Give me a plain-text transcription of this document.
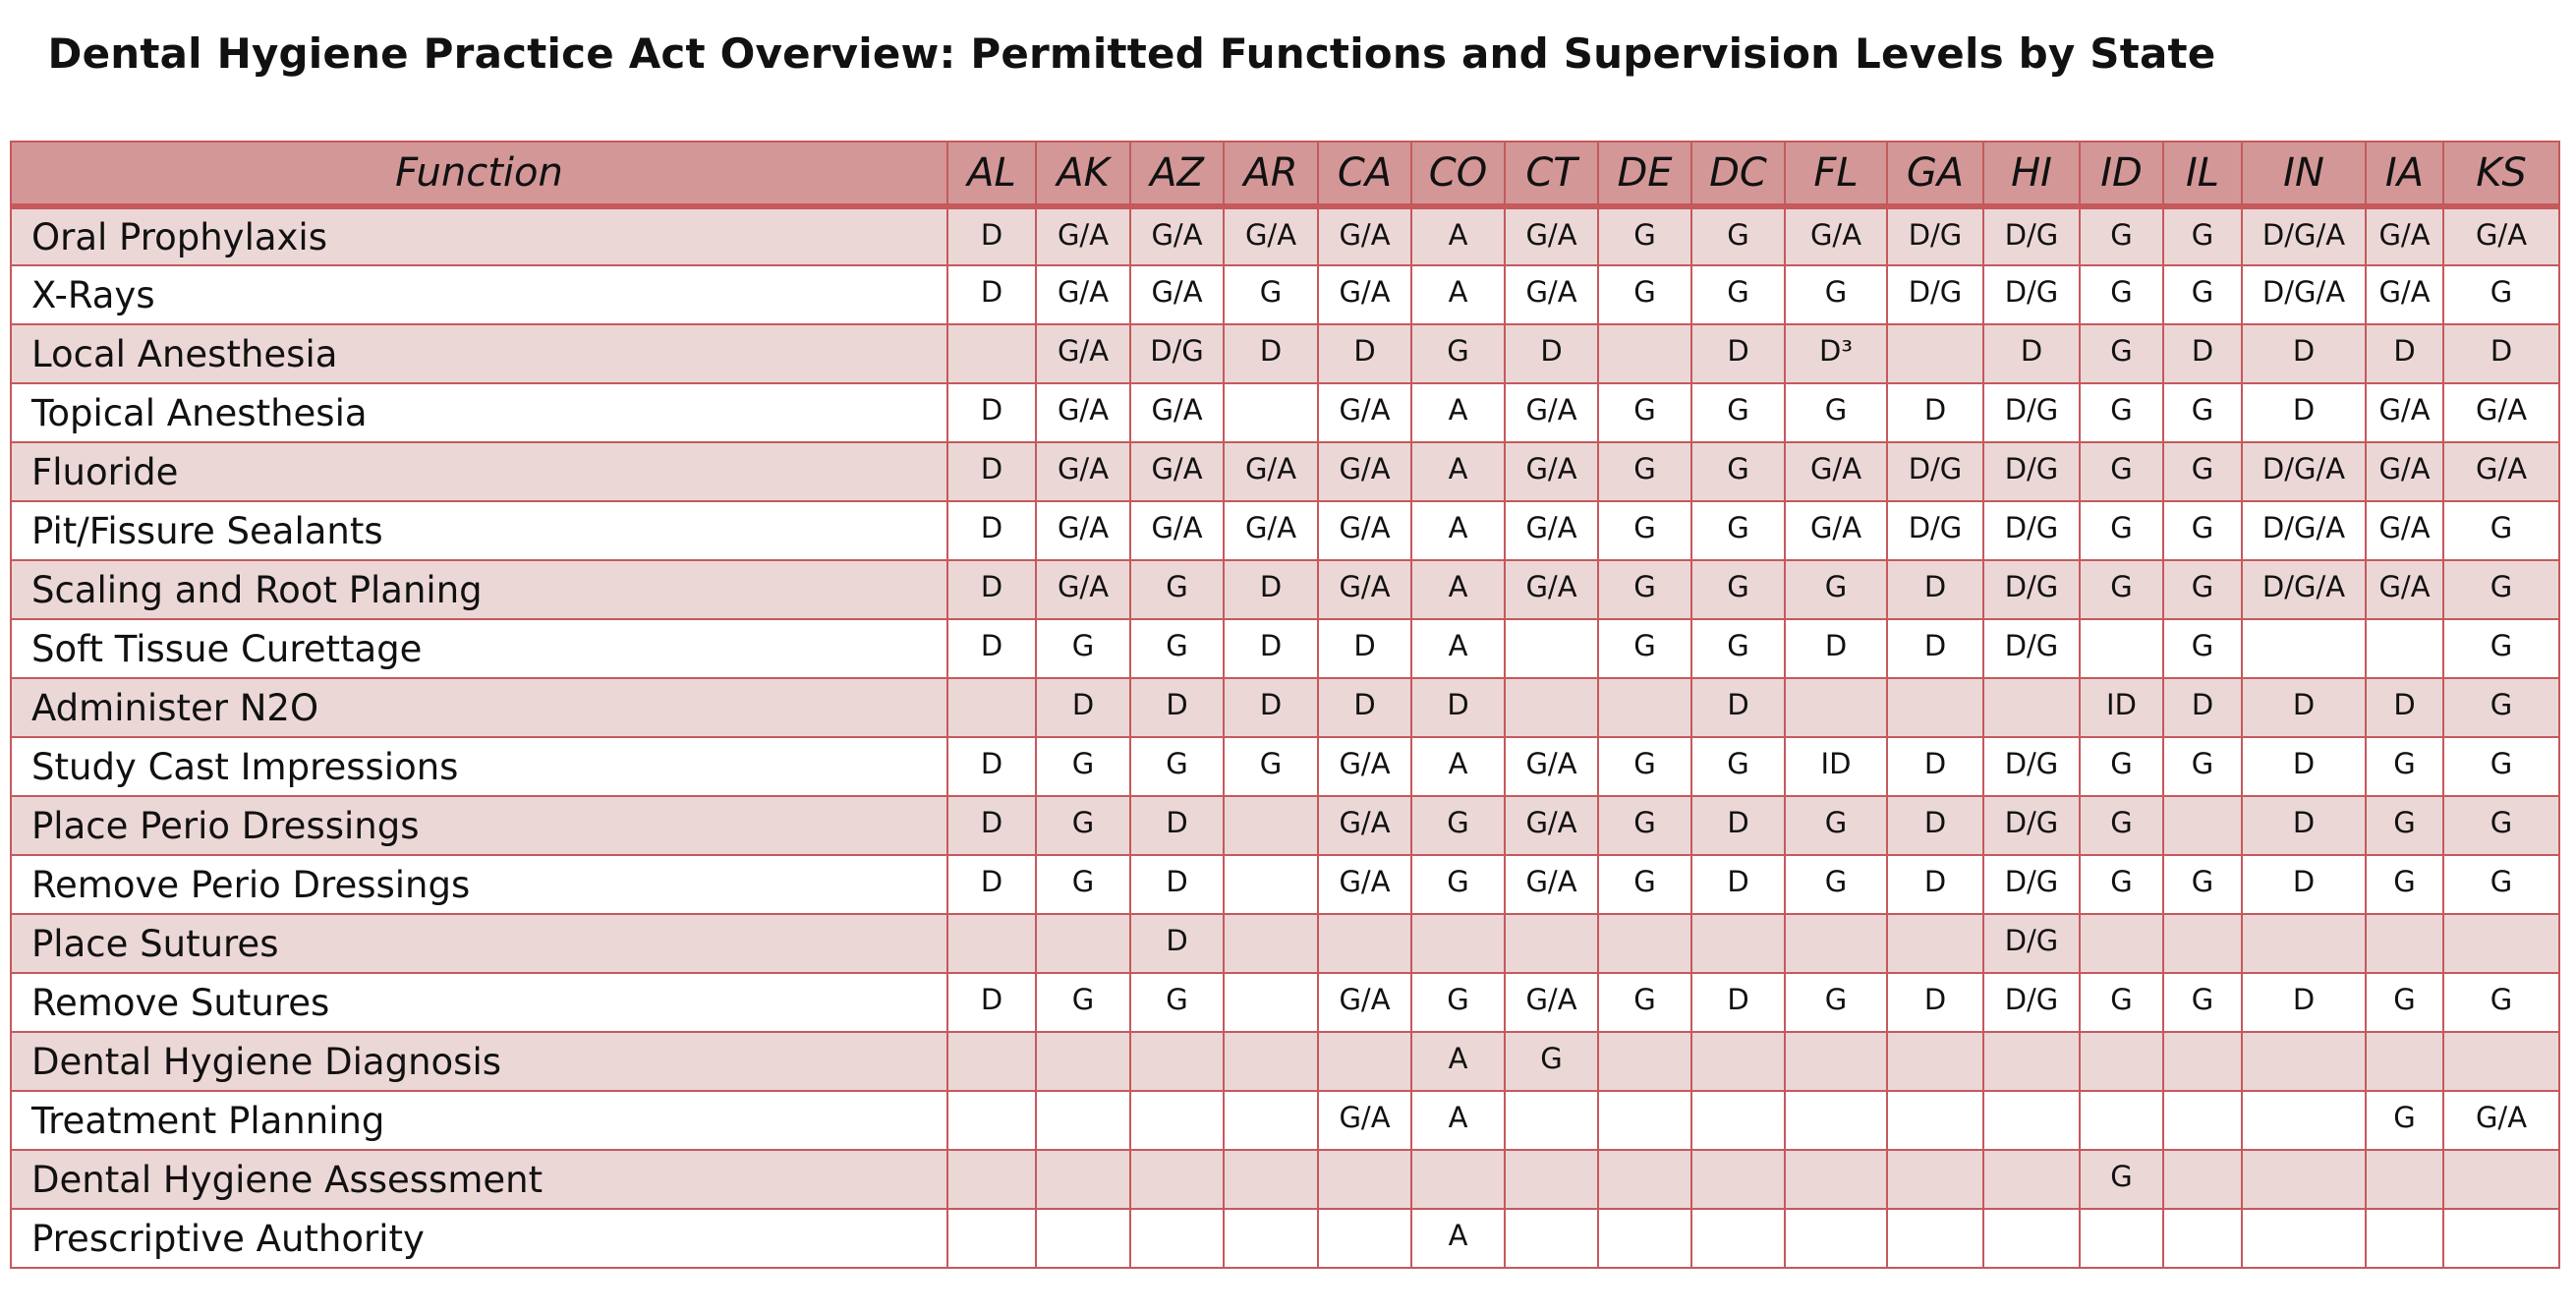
Dental Hygiene Practice Act Overview: Permitted Functions and Supervision Levels by State
Function	AL	AK	AZ	AR	CA	CO	CT	DE	DC	FL	GA	HI	ID	IL	IN	IA	KS
Oral Prophylaxis	D	G/A	G/A	G/A	G/A	A	G/A	G	G	G/A	D/G	D/G	G	G	D/G/A	G/A	G/A
X-Rays	D	G/A	G/A	G	G/A	A	G/A	G	G	G	D/G	D/G	G	G	D/G/A	G/A	G
Local Anesthesia		G/A	D/G	D	D	G	D		D	D³		D	G	D	D	D	D
Topical Anesthesia	D	G/A	G/A		G/A	A	G/A	G	G	G	D	D/G	G	G	D	G/A	G/A
Fluoride	D	G/A	G/A	G/A	G/A	A	G/A	G	G	G/A	D/G	D/G	G	G	D/G/A	G/A	G/A
Pit/Fissure Sealants	D	G/A	G/A	G/A	G/A	A	G/A	G	G	G/A	D/G	D/G	G	G	D/G/A	G/A	G
Scaling and Root Planing	D	G/A	G	D	G/A	A	G/A	G	G	G	D	D/G	G	G	D/G/A	G/A	G
Soft Tissue Curettage	D	G	G	D	D	A		G	G	D	D	D/G		G			G
Administer N2O		D	D	D	D	D			D				ID	D	D	D	G
Study Cast Impressions	D	G	G	G	G/A	A	G/A	G	G	ID	D	D/G	G	G	D	G	G
Place Perio Dressings	D	G	D		G/A	G	G/A	G	D	G	D	D/G	G		D	G	G
Remove Perio Dressings	D	G	D		G/A	G	G/A	G	D	G	D	D/G	G	G	D	G	G
Place Sutures			D									D/G					
Remove Sutures	D	G	G		G/A	G	G/A	G	D	G	D	D/G	G	G	D	G	G
Dental Hygiene Diagnosis						A	G										
Treatment Planning					G/A	A										G	G/A
Dental Hygiene Assessment													G				
Prescriptive Authority						A											
